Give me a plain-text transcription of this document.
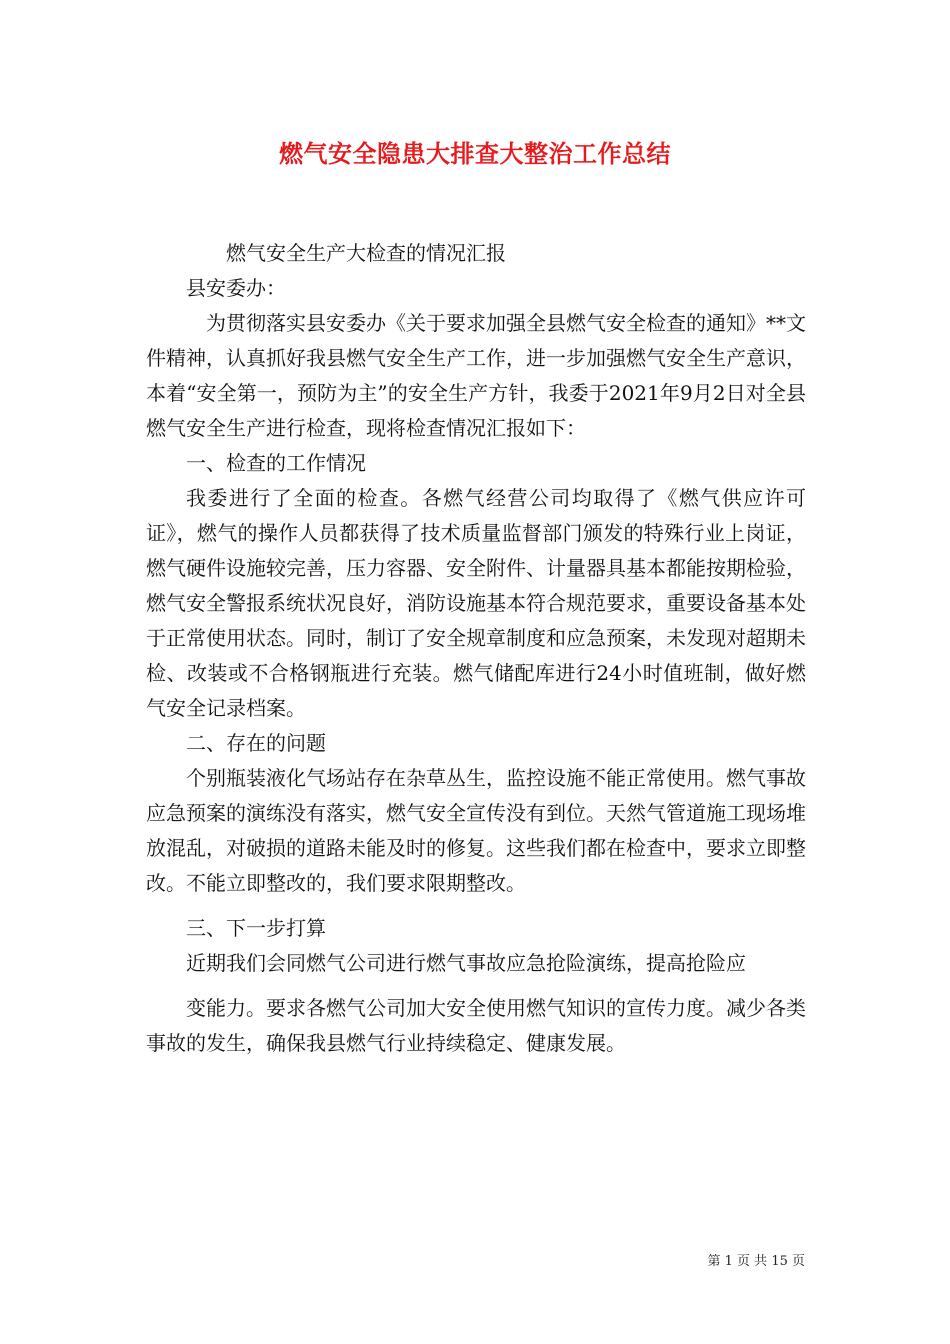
燃气安全隐患大排查大整治工作总结

燃气安全生产大检查的情况汇报

县安委办：

为贯彻落实县安委办《关于要求加强全县燃气安全检查的通知》**文件精神，认真抓好我县燃气安全生产工作，进一步加强燃气安全生产意识，本着“安全第一，预防为主”的安全生产方针，我委于2021年9月2日对全县燃气安全生产进行检查，现将检查情况汇报如下：

一、检查的工作情况

我委进行了全面的检查。各燃气经营公司均取得了《燃气供应许可证》，燃气的操作人员都获得了技术质量监督部门颁发的特殊行业上岗证，燃气硬件设施较完善，压力容器、安全附件、计量器具基本都能按期检验，燃气安全警报系统状况良好，消防设施基本符合规范要求，重要设备基本处于正常使用状态。同时，制订了安全规章制度和应急预案，未发现对超期未检、改装或不合格钢瓶进行充装。燃气储配库进行24小时值班制，做好燃气安全记录档案。

二、存在的问题

个别瓶装液化气场站存在杂草丛生，监控设施不能正常使用。燃气事故应急预案的演练没有落实，燃气安全宣传没有到位。天然气管道施工现场堆放混乱，对破损的道路未能及时的修复。这些我们都在检查中，要求立即整改。不能立即整改的，我们要求限期整改。

三、下一步打算

近期我们会同燃气公司进行燃气事故应急抢险演练，提高抢险应

变能力。要求各燃气公司加大安全使用燃气知识的宣传力度。减少各类事故的发生，确保我县燃气行业持续稳定、健康发展。

第 1 页 共 15 页
